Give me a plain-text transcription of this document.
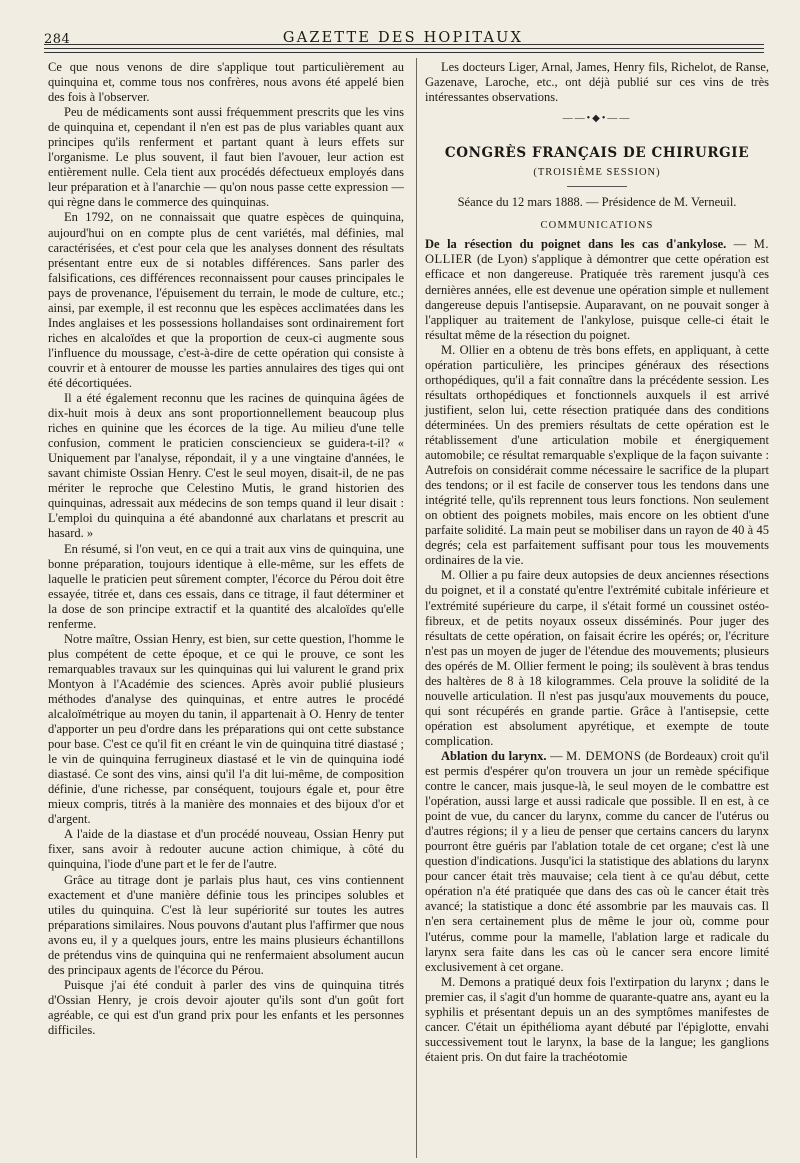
284	GAZETTE DES HOPITAUX

Ce que nous venons de dire s'applique tout particulièrement au quinquina et, comme tous nos confrères, nous avons été appelé bien des fois à l'observer.

Peu de médicaments sont aussi fréquemment prescrits que les vins de quinquina et, cependant il n'en est pas de plus variables quant aux principes qu'ils renferment et partant quant à leurs effets sur l'organisme. Le plus souvent, il faut bien l'avouer, leur action est entièrement nulle. Cela tient aux procédés défectueux employés dans leur préparation et à l'anarchie — qu'on nous passe cette expression — qui règne dans le commerce des quinquinas.

En 1792, on ne connaissait que quatre espèces de quinquina, aujourd'hui on en compte plus de cent variétés, mal définies, mal caractérisées, et c'est pour cela que les analyses donnent des résultats présentant entre eux de si notables différences. Sans parler des falsifications, ces différences reconnaissent pour causes principales le pays de provenance, l'épuisement du terrain, le mode de culture, etc.; ainsi, par exemple, il est reconnu que les espèces acclimatées dans les Indes anglaises et les possessions hollandaises sont ordinairement fort riches en alcaloïdes et que la proportion de ceux-ci augmente sous l'influence du moussage, c'est-à-dire de cette opération qui consiste à couvrir et à entourer de mousse les parties annulaires des tiges qui ont été décortiquées.

Il a été également reconnu que les racines de quinquina âgées de dix-huit mois à deux ans sont proportionnellement beaucoup plus riches en quinine que les écorces de la tige. Au milieu d'une telle confusion, comment le praticien consciencieux se guidera-t-il? « Uniquement par l'analyse, répondait, il y a une vingtaine d'années, le savant chimiste Ossian Henry. C'est le seul moyen, disait-il, de ne pas mériter le reproche que Celestino Mutis, le grand historien des quinquinas, adressait aux médecins de son temps quand il leur disait : L'emploi du quinquina a été abandonné aux charlatans et prescrit au hasard. »

En résumé, si l'on veut, en ce qui a trait aux vins de quinquina, une bonne préparation, toujours identique à elle-même, sur les effets de laquelle le praticien peut sûrement compter, l'écorce du Pérou doit être essayée, titrée et, dans ces essais, dans ce titrage, il faut déterminer et la dose de son principe extractif et la quantité des alcaloïdes qu'elle renferme.

Notre maître, Ossian Henry, est bien, sur cette question, l'homme le plus compétent de cette époque, et ce qui le prouve, ce sont les remarquables travaux sur les quinquinas qui lui valurent le grand prix Montyon à l'Académie des sciences. Après avoir publié plusieurs méthodes d'analyse des quinquinas, et entre autres le procédé alcaloïmétrique au moyen du tanin, il appartenait à O. Henry de tenter d'apporter un peu d'ordre dans les préparations qui ont cette substance pour base. C'est ce qu'il fit en créant le vin de quinquina titré diastasé ; le vin de quinquina ferrugineux diastasé et le vin de quinquina iodé diastasé. Ce sont des vins, ainsi qu'il l'a dit lui-même, de composition définie, d'une richesse, par conséquent, toujours égale et, pour être mieux compris, titrés à la manière des monnaies et des bijoux d'or et d'argent.

A l'aide de la diastase et d'un procédé nouveau, Ossian Henry put fixer, sans avoir à redouter aucune action chimique, à côté du quinquina, l'iode d'une part et le fer de l'autre.

Grâce au titrage dont je parlais plus haut, ces vins contiennent exactement et d'une manière définie tous les principes solubles et utiles du quinquina. C'est là leur supériorité sur toutes les autres préparations similaires. Nous pouvons d'autant plus l'affirmer que nous avons eu, il y a quelques jours, entre les mains plusieurs échantillons de prétendus vins de quinquina qui ne renfermaient absolument aucun des principaux agents de l'écorce du Pérou.

Puisque j'ai été conduit à parler des vins de quinquina titrés d'Ossian Henry, je crois devoir ajouter qu'ils sont d'un goût fort agréable, ce qui est d'un grand prix pour les enfants et les personnes difficiles.

Les docteurs Liger, Arnal, James, Henry fils, Richelot, de Ranse, Gazenave, Laroche, etc., ont déjà publié sur ces vins de très intéressantes observations.

——•◆•——
CONGRÈS FRANÇAIS DE CHIRURGIE
(TROISIÈME SESSION)
Séance du 12 mars 1888. — Présidence de M. Verneuil.
COMMUNICATIONS

De la résection du poignet dans les cas d'ankylose. — M. OLLIER (de Lyon) s'applique à démontrer que cette opération est efficace et non dangereuse. Pratiquée très rarement jusqu'à ces dernières années, elle est devenue une opération simple et nullement dangereuse depuis l'antisepsie. Auparavant, on ne pouvait songer à l'appliquer au traitement de l'ankylose, puisque celle-ci était le résultat même de la résection du poignet.

M. Ollier en a obtenu de très bons effets, en appliquant, à cette opération particulière, les principes généraux des résections orthopédiques, qu'il a fait connaître dans la précédente session. Les résultats orthopédiques et fonctionnels auxquels il est arrivé justifient, selon lui, cette résection pratiquée dans des conditions déterminées. Un des premiers résultats de cette opération est le rétablissement d'une articulation mobile et énergiquement automobile; ce résultat remarquable s'explique de la façon suivante : Autrefois on considérait comme nécessaire le sacrifice de la plupart des tendons; or il est facile de conserver tous les tendons dans une intégrité telle, qu'ils reprennent tous leurs fonctions. Non seulement on obtient des poignets mobiles, mais encore on les obtient d'une parfaite solidité. La main peut se mobiliser dans un rayon de 40 à 45 degrés; cela est parfaitement suffisant pour tous les mouvements ordinaires de la vie.

M. Ollier a pu faire deux autopsies de deux anciennes résections du poignet, et il a constaté qu'entre l'extrémité cubitale inférieure et l'extrémité supérieure du carpe, il s'était formé un coussinet ostéo-fibreux, et de petits noyaux osseux disséminés. Pour juger des résultats de cette opération, on faisait écrire les opérés; or, l'écriture n'est pas un moyen de juger de l'étendue des mouvements; plusieurs des opérés de M. Ollier ferment le poing; ils soulèvent à bras tendus des haltères de 8 à 18 kilogrammes. Cela prouve la solidité de la nouvelle articulation. Il n'est pas jusqu'aux mouvements du pouce, qui sont récupérés en grande partie. Grâce à l'antisepsie, cette opération est absolument apyrétique, et exempte de toute complication.

Ablation du larynx. — M. DEMONS (de Bordeaux) croit qu'il est permis d'espérer qu'on trouvera un jour un remède spécifique contre le cancer, mais jusque-là, le seul moyen de le combattre est l'opération, aussi large et aussi radicale que possible. Il en est, à ce point de vue, du cancer du larynx, comme du cancer de l'utérus ou d'autres régions; il y a lieu de penser que certains cancers du larynx pourront être guéris par l'ablation totale de cet organe; c'est là une question d'indications. Jusqu'ici la statistique des ablations du larynx pour cancer était très mauvaise; cela tient à ce qu'au début, cette opération n'a été pratiquée que dans des cas où le cancer était très avancé; la statistique a donc été assombrie par les mauvais cas. Il n'en sera certainement plus de même le jour où, comme pour l'utérus, comme pour la mamelle, l'ablation large et radicale du larynx sera faite dans les cas où le cancer sera encore limité exclusivement à cet organe.

M. Demons a pratiqué deux fois l'extirpation du larynx ; dans le premier cas, il s'agit d'un homme de quarante-quatre ans, ayant eu la syphilis et présentant depuis un an des symptômes manifestes de cancer. C'était un épithélioma ayant débuté par l'épiglotte, envahi successivement tout le larynx, la base de la langue; les ganglions étaient pris. On dut faire la trachéotomie
